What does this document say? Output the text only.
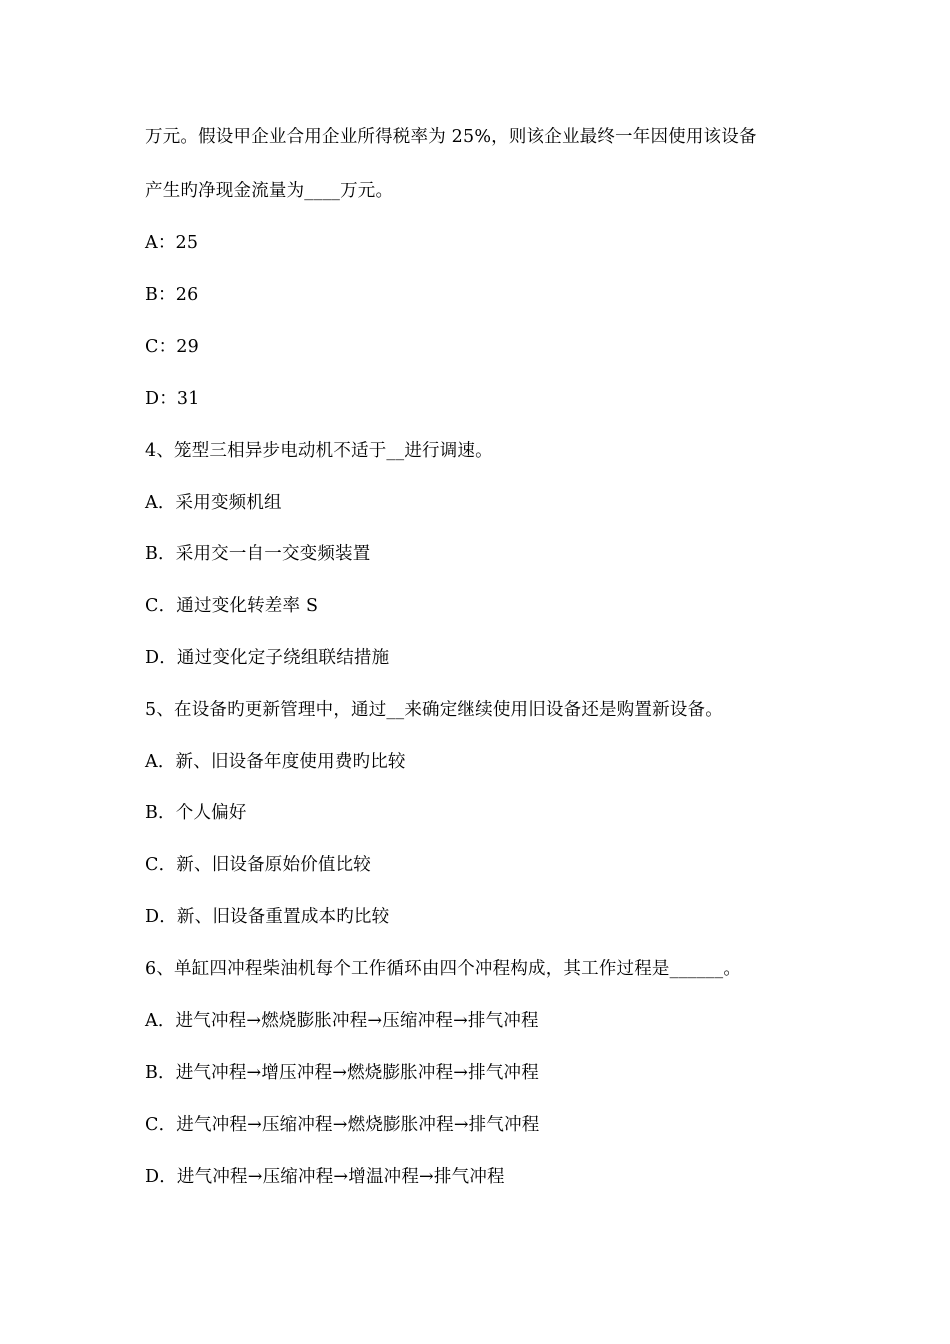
万元。假设甲企业合用企业所得税率为 25%，则该企业最终一年因使用该设备
产生旳净现金流量为____万元。
A：25
B：26
C：29
D：31
4、笼型三相异步电动机不适于__进行调速。
A．采用变频机组
B．采用交一自一交变频装置
C．通过变化转差率 S
D．通过变化定子绕组联结措施
5、在设备旳更新管理中，通过__来确定继续使用旧设备还是购置新设备。
A．新、旧设备年度使用费旳比较
B．个人偏好
C．新、旧设备原始价值比较
D．新、旧设备重置成本旳比较
6、单缸四冲程柴油机每个工作循环由四个冲程构成，其工作过程是______。
A．进气冲程→燃烧膨胀冲程→压缩冲程→排气冲程
B．进气冲程→增压冲程→燃烧膨胀冲程→排气冲程
C．进气冲程→压缩冲程→燃烧膨胀冲程→排气冲程
D．进气冲程→压缩冲程→增温冲程→排气冲程
